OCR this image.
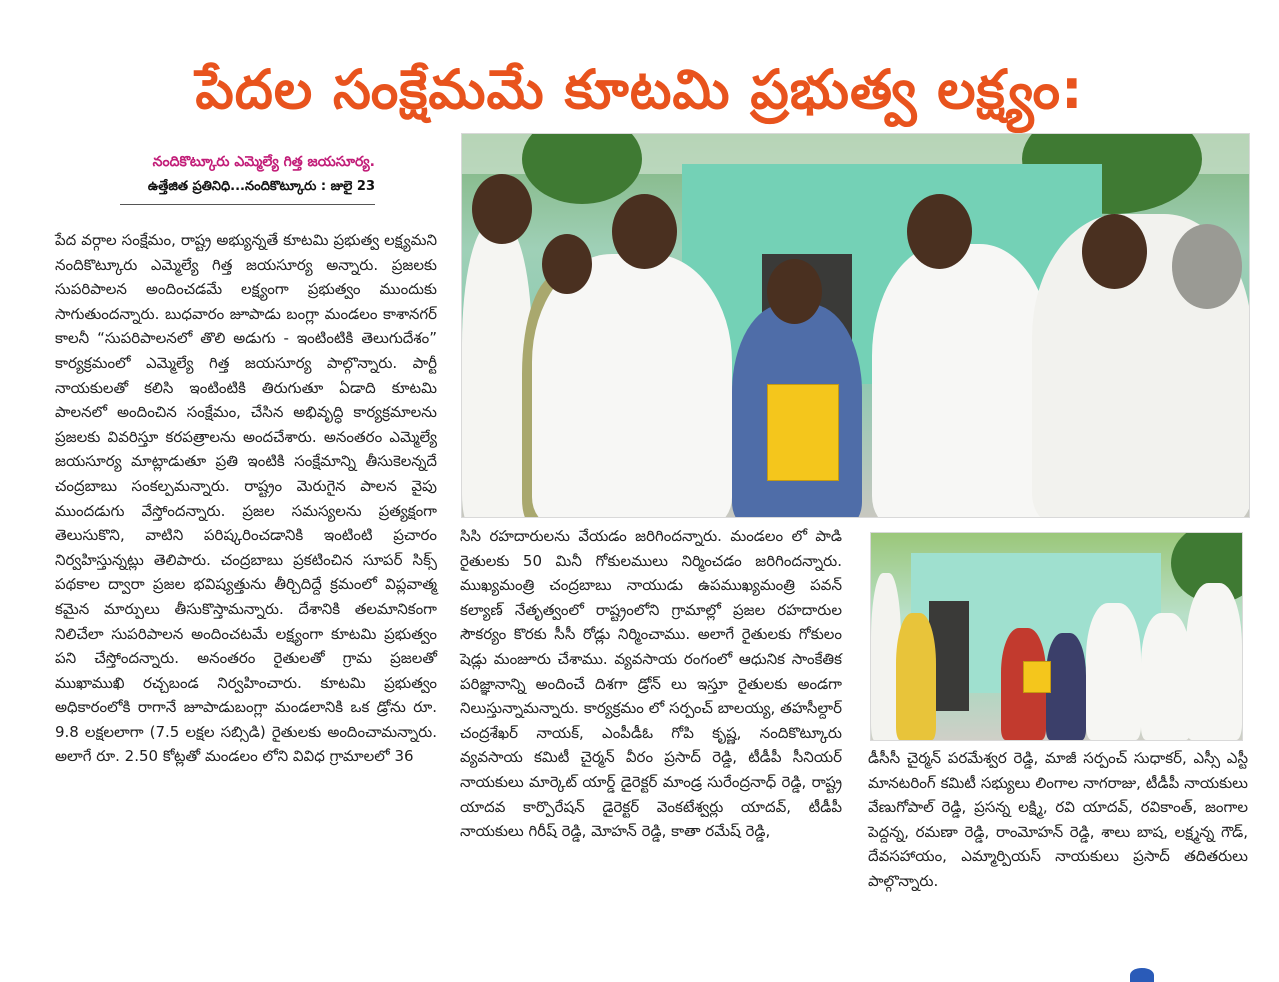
పేదల సంక్షేమమే కూటమి ప్రభుత్వ లక్ష్యం:
నందికొట్కూరు ఎమ్మెల్యే గిత్త జయసూర్య.
ఉత్తేజిత ప్రతినిధి...నందికొట్కూరు : జులై 23

పేద వర్గాల సంక్షేమం, రాష్ట్ర అభ్యున్నతే కూటమి ప్రభుత్వ లక్ష్యమని నందికొట్కూరు ఎమ్మెల్యే గిత్త జయసూర్య అన్నారు. ప్రజలకు సుపరిపాలన అందించడమే లక్ష్యంగా ప్రభుత్వం ముందుకు సాగుతుందన్నారు. బుధవారం జూపాడు బంగ్లా మండలం కాశానగర్ కాలనీ “సుపరిపాలనలో తొలి అడుగు - ఇంటింటికి తెలుగుదేశం” కార్యక్రమంలో ఎమ్మెల్యే గిత్త జయసూర్య పాల్గొన్నారు. పార్టీ నాయకులతో కలిసి ఇంటింటికి తిరుగుతూ ఏడాది కూటమి పాలనలో అందించిన సంక్షేమం, చేసిన అభివృద్ధి కార్యక్రమాలను ప్రజలకు వివరిస్తూ కరపత్రాలను అందచేశారు. అనంతరం ఎమ్మెల్యే జయసూర్య మాట్లాడుతూ ప్రతి ఇంటికి సంక్షేమాన్ని తీసుకెలన్నదే చంద్రబాబు సంకల్పమన్నారు. రాష్ట్రం మెరుగైన పాలన వైపు ముందడుగు వేస్తోందన్నారు. ప్రజల సమస్యలను ప్రత్యక్షంగా తెలుసుకొని, వాటిని పరిష్కరించడానికి ఇంటింటి ప్రచారం నిర్వహిస్తున్నట్లు తెలిపారు. చంద్రబాబు ప్రకటించిన సూపర్ సిక్స్ పథకాల ద్వారా ప్రజల భవిష్యత్తును తీర్చిదిద్దే క్రమంలో విప్లవాత్మ కమైన మార్పులు తీసుకొస్తామన్నారు. దేశానికి తలమానికంగా నిలిచేలా సుపరిపాలన అందించటమే లక్ష్యంగా కూటమి ప్రభుత్వం పని చేస్తోందన్నారు. అనంతరం రైతులతో గ్రామ ప్రజలతో ముఖాముఖి రచ్చబండ నిర్వహించారు. కూటమి ప్రభుత్వం అధికారంలోకి రాగానే జూపాడుబంగ్లా మండలానికి ఒక డ్రోను రూ. 9.8 లక్షలలాగా (7.5 లక్షల సబ్సిడి) రైతులకు అందించామన్నారు. అలాగే రూ. 2.50 కోట్లతో మండలం లోని వివిధ గ్రామాలలో 36

సిసి రహదారులను వేయడం జరిగిందన్నారు. మండలం లో పాడి రైతులకు 50 మినీ గోకులములు నిర్మించడం జరిగిందన్నారు. ముఖ్యమంత్రి చంద్రబాబు నాయుడు ఉపముఖ్యమంత్రి పవన్ కల్యాణ్ నేతృత్వంలో రాష్ట్రంలోని గ్రామాల్లో ప్రజల రహదారుల సౌకర్యం కొరకు సీసీ రోడ్లు నిర్మించాము. అలాగే రైతులకు గోకులం షెడ్లు మంజూరు చేశాము. వ్యవసాయ రంగంలో ఆధునిక సాంకేతిక పరిజ్ఞానాన్ని అందించే దిశగా డ్రోన్ లు ఇస్తూ రైతులకు అండగా నిలుస్తున్నామన్నారు. కార్యక్రమం లో సర్పంచ్ బాలయ్య, తహసీల్దార్ చంద్రశేఖర్ నాయక్, ఎంపీడీఓ గోపి కృష్ణ, నందికొట్కూరు వ్యవసాయ కమిటీ చైర్మన్ వీరం ప్రసాద్ రెడ్డి, టీడీపీ సీనియర్ నాయకులు మార్కెట్ యార్డ్ డైరెక్టర్ మాండ్ర సురేంద్రనాధ్ రెడ్డి, రాష్ట్ర యాదవ కార్పొరేషన్ డైరెక్టర్ వెంకటేశ్వర్లు యాదవ్, టీడీపీ నాయకులు గిరీష్ రెడ్డి, మోహన్ రెడ్డి, కాతా రమేష్ రెడ్డి,

డీసీసీ చైర్మన్ పరమేశ్వర రెడ్డి, మాజీ సర్పంచ్ సుధాకర్, ఎస్సీ ఎస్టీ మానటరింగ్ కమిటీ సభ్యులు లింగాల నాగరాజు, టీడీపీ నాయకులు వేణుగోపాల్ రెడ్డి, ప్రసన్న లక్ష్మి, రవి యాదవ్, రవికాంత్, జంగాల పెద్దన్న, రమణా రెడ్డి, రాంమోహన్ రెడ్డి, శాలు బాష, లక్ష్మన్న గౌడ్, దేవసహాయం, ఎమ్మార్పియస్ నాయకులు ప్రసాద్ తదితరులు పాల్గొన్నారు.
